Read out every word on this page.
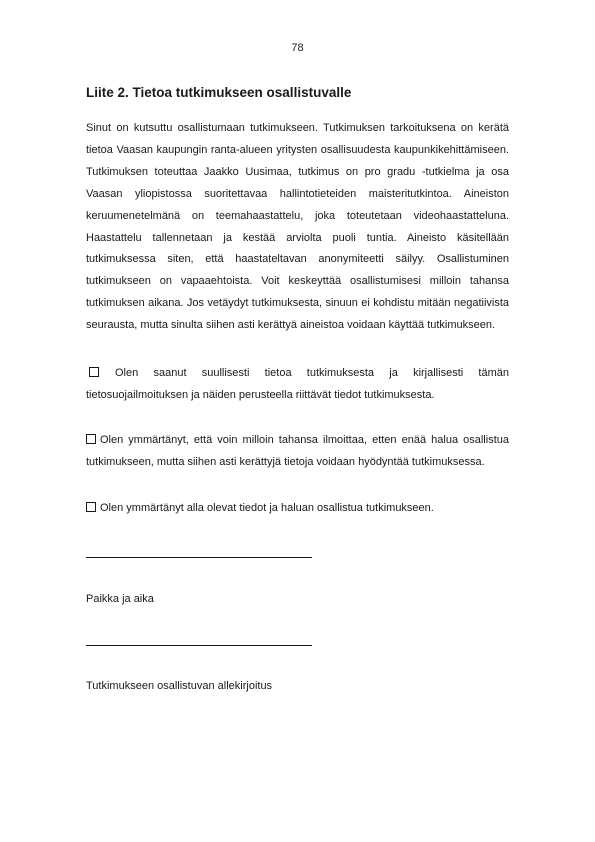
78
Liite 2. Tietoa tutkimukseen osallistuvalle

Sinut on kutsuttu osallistumaan tutkimukseen. Tutkimuksen tarkoituksena on kerätä tietoa Vaasan kaupungin ranta-alueen yritysten osallisuudesta kaupunkikehittämiseen. Tutkimuksen toteuttaa Jaakko Uusimaa, tutkimus on pro gradu -tutkielma ja osa Vaasan yliopistossa suoritettavaa hallintotieteiden maisteritutkintoa. Aineiston keruumenetelmänä on teemahaastattelu, joka toteutetaan videohaastatteluna. Haastattelu tallennetaan ja kestää arviolta puoli tuntia. Aineisto käsitellään tutkimuksessa siten, että haastateltavan anonymiteetti säilyy. Osallistuminen tutkimukseen on vapaaehtoista. Voit keskeyttää osallistumisesi milloin tahansa tutkimuksen aikana. Jos vetäydyt tutkimuksesta, sinuun ei kohdistu mitään negatiivista seurausta, mutta sinulta siihen asti kerättyä aineistoa voidaan käyttää tutkimukseen.

Olen saanut suullisesti tietoa tutkimuksesta ja kirjallisesti tämän tietosuojailmoituksen ja näiden perusteella riittävät tiedot tutkimuksesta.
Olen ymmärtänyt, että voin milloin tahansa ilmoittaa, etten enää halua osallistua tutkimukseen, mutta siihen asti kerättyjä tietoja voidaan hyödyntää tutkimuksessa.
Olen ymmärtänyt alla olevat tiedot ja haluan osallistua tutkimukseen.

Paikka ja aika

Tutkimukseen osallistuvan allekirjoitus
